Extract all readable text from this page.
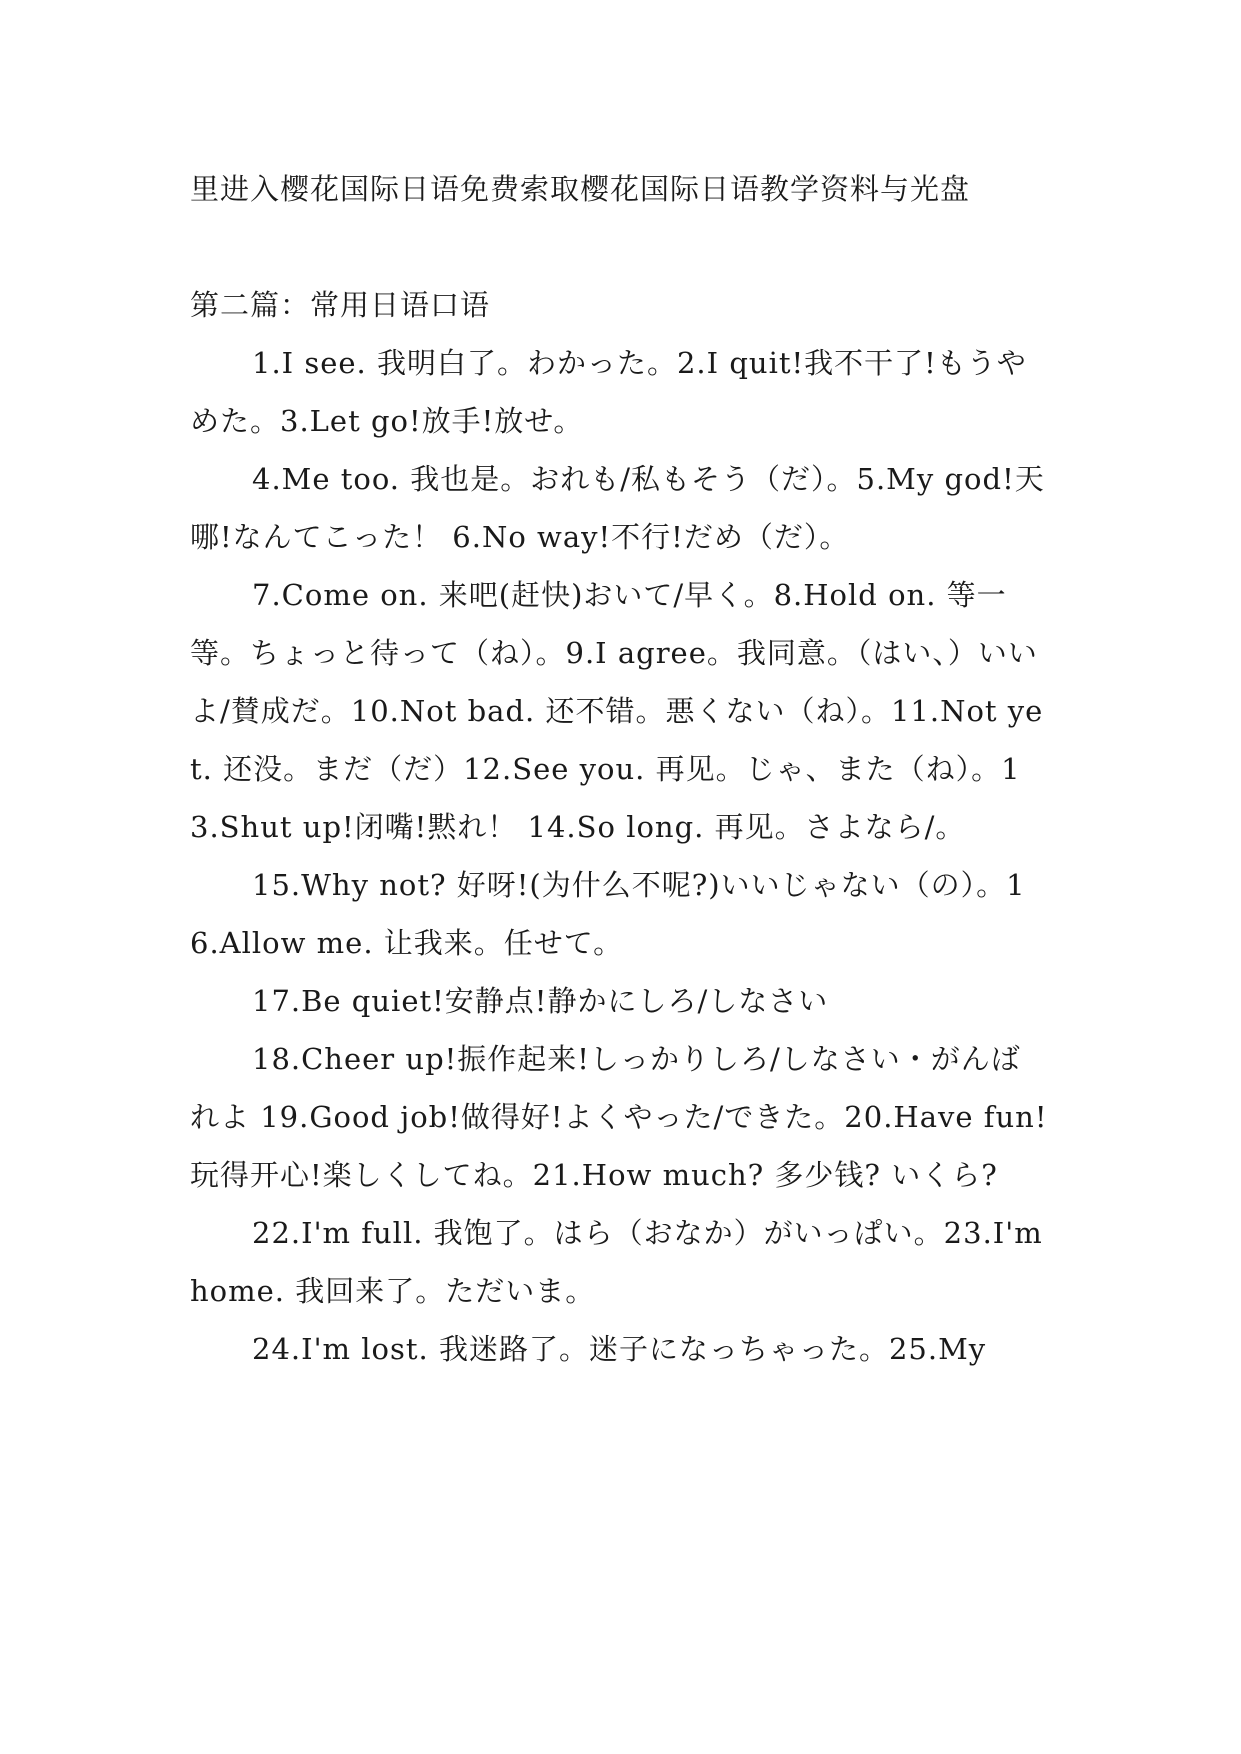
里进入樱花国际日语免费索取樱花国际日语教学资料与光盘

第二篇：常用日语口语

1.I see. 我明白了。わかった。2.I quit!我不干了!もうやめた。3.Let go!放手!放せ。

4.Me too. 我也是。おれも/私もそう（だ）。5.My god!天哪!なんてこった！ 6.No way!不行!だめ（だ）。

7.Come on. 来吧(赶快)おいて/早く。8.Hold on. 等一等。ちょっと待って（ね）。9.I agree。我同意。（はい、）いいよ/賛成だ。10.Not bad. 还不错。悪くない（ね）。11.Not yet. 还没。まだ（だ）12.See you. 再见。じゃ、また（ね）。13.Shut up!闭嘴!黙れ！ 14.So long. 再见。さよなら/。

15.Why not? 好呀!(为什么不呢?)いいじゃない（の）。16.Allow me. 让我来。任せて。

17.Be quiet!安静点!静かにしろ/しなさい

18.Cheer up!振作起来!しっかりしろ/しなさい・がんばれよ 19.Good job!做得好!よくやった/できた。20.Have fun!玩得开心!楽しくしてね。21.How much? 多少钱? いくら?

22.I'm full. 我饱了。はら（おなか）がいっぱい。23.I'm home. 我回来了。ただいま。

24.I'm lost. 我迷路了。迷子になっちゃった。25.My
